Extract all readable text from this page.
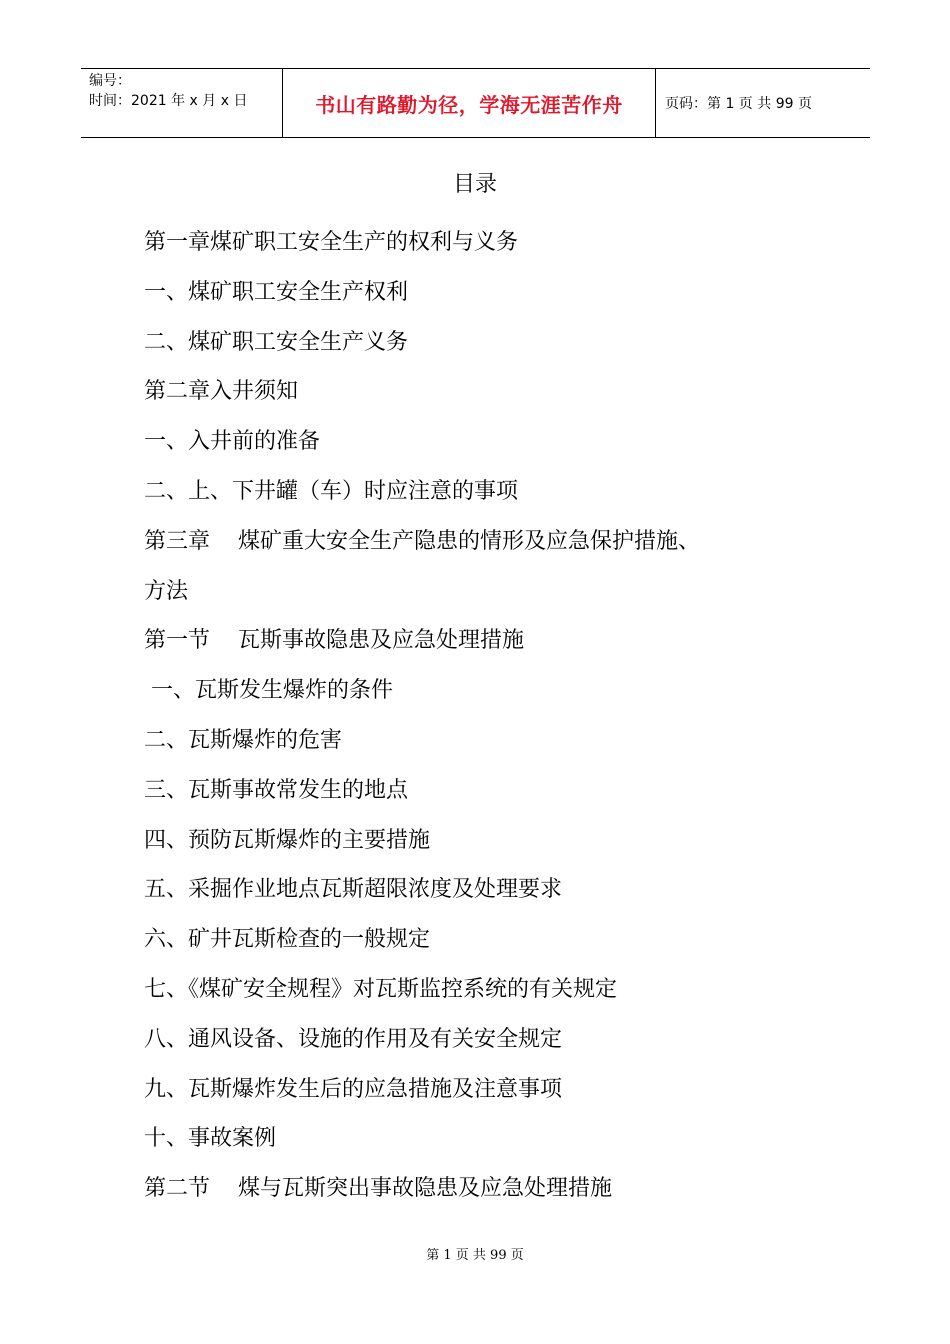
编号：
时间：2021 年 x 月 x 日	书山有路勤为径，学海无涯苦作舟	页码：第 1 页 共 99 页
目录
第一章煤矿职工安全生产的权利与义务
一、煤矿职工安全生产权利
二、煤矿职工安全生产义务
第二章入井须知
一、入井前的准备
二、上、下井罐（车）时应注意的事项
第三章    煤矿重大安全生产隐患的情形及应急保护措施、
方法
第一节    瓦斯事故隐患及应急处理措施
一、瓦斯发生爆炸的条件
二、瓦斯爆炸的危害
三、瓦斯事故常发生的地点
四、预防瓦斯爆炸的主要措施
五、采掘作业地点瓦斯超限浓度及处理要求
六、矿井瓦斯检查的一般规定
七、《煤矿安全规程》对瓦斯监控系统的有关规定
八、通风设备、设施的作用及有关安全规定
九、瓦斯爆炸发生后的应急措施及注意事项
十、事故案例
第二节    煤与瓦斯突出事故隐患及应急处理措施
第 1 页 共 99 页
